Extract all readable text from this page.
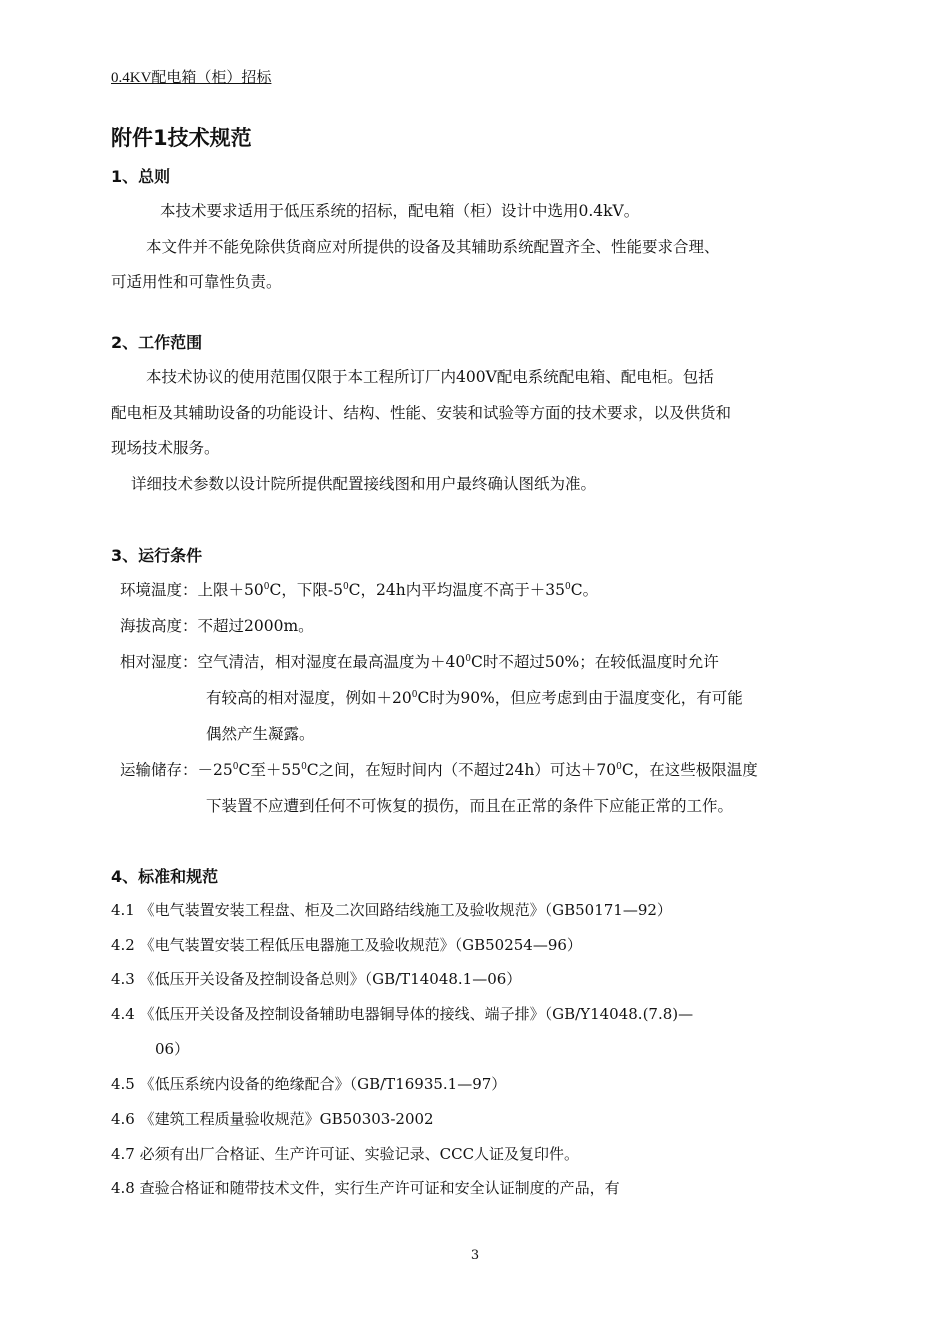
0.4KV配电箱（柜）招标
附件1技术规范
1、总则
本技术要求适用于低压系统的招标，配电箱（柜）设计中选用0.4kV。
本文件并不能免除供货商应对所提供的设备及其辅助系统配置齐全、性能要求合理、
可适用性和可靠性负责。
2、工作范围
本技术协议的使用范围仅限于本工程所订厂内400V配电系统配电箱、配电柜。包括
配电柜及其辅助设备的功能设计、结构、性能、安装和试验等方面的技术要求，以及供货和
现场技术服务。
详细技术参数以设计院所提供配置接线图和用户最终确认图纸为准。
3、运行条件
环境温度：上限$+50^0C$，下限$-5^0C$，24h内平均温度不高于$+35^0C$。
海拔高度：不超过2000m。
相对湿度：空气清洁，相对湿度在最高温度为$+40^0C$时不超过50%；在较低温度时允许
有较高的相对湿度，例如$+20^0C$时为90%，但应考虑到由于温度变化，有可能
偶然产生凝露。
运输储存：$-25^0C$至$+55^0C$之间，在短时间内（不超过24h）可达$+70^0C$，在这些极限温度
下装置不应遭到任何不可恢复的损伤，而且在正常的条件下应能正常的工作。
4、标准和规范
4.1 《电气装置安装工程盘、柜及二次回路结线施工及验收规范》（GB50171—92）
4.2 《电气装置安装工程低压电器施工及验收规范》（GB50254—96）
4.3 《低压开关设备及控制设备总则》（GB/T14048.1—06）
4.4 《低压开关设备及控制设备辅助电器铜导体的接线、端子排》（GB/Y14048.(7.8)—
06）
4.5 《低压系统内设备的绝缘配合》（GB/T16935.1—97）
4.6 《建筑工程质量验收规范》GB50303-2002
4.7 必须有出厂合格证、生产许可证、实验记录、CCC人证及复印件。
4.8 查验合格证和随带技术文件，实行生产许可证和安全认证制度的产品，有
3
